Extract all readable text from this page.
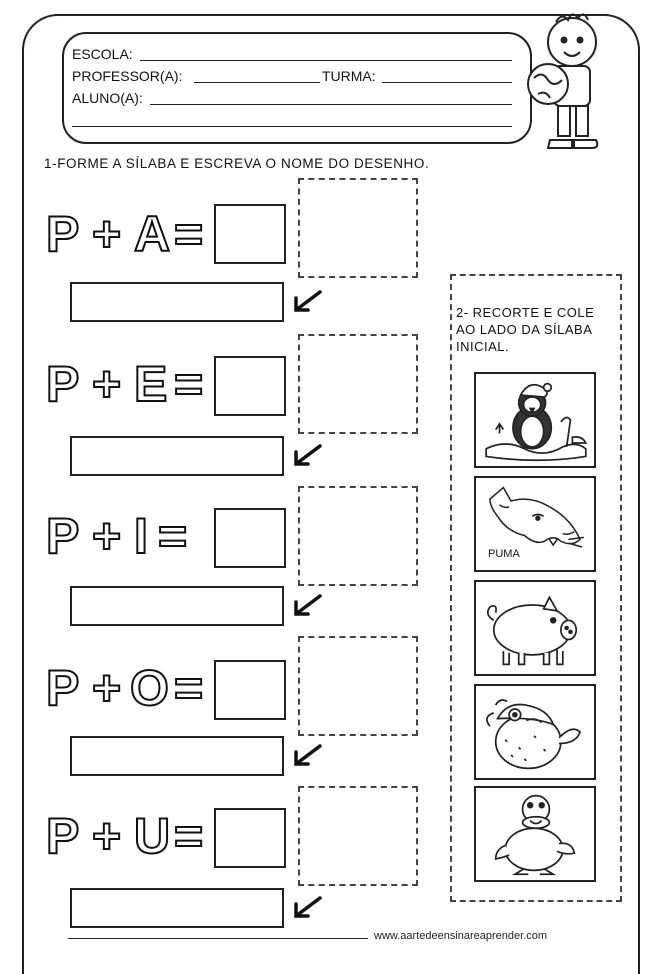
ESCOLA:
PROFESSOR(A):	TURMA:
ALUNO(A):
1-FORME A SÍLABA E ESCREVA O NOME DO DESENHO.
P + A =
P + E =
P + I =
P + O =
P + U =
2- RECORTE E COLE
AO LADO DA SÍLABA
INICIAL.
PUMA
www.aartedeensinareaprender.com
